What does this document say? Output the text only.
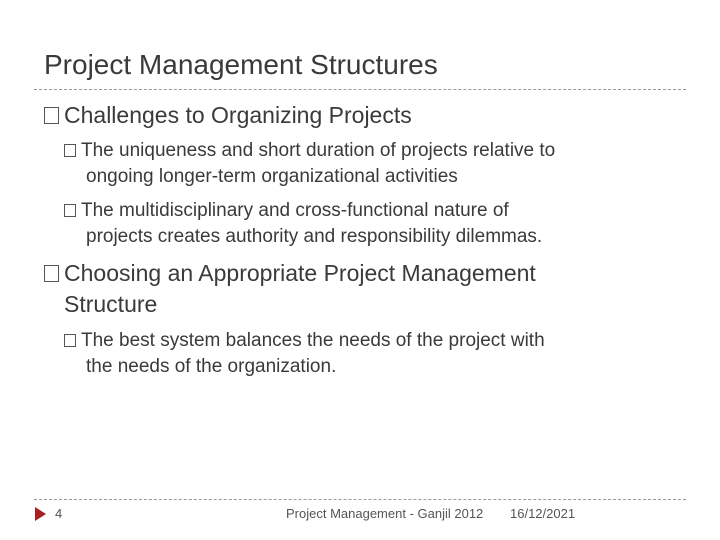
Project Management Structures
Challenges to Organizing Projects
The uniqueness and short duration of projects relative to
ongoing longer-term organizational activities
The multidisciplinary and cross-functional nature of
projects creates authority and responsibility dilemmas.
Choosing an Appropriate Project Management
Structure
The best system balances the needs of the project with
the needs of the organization.
4	Project Management - Ganjil 2012 16/12/2021
